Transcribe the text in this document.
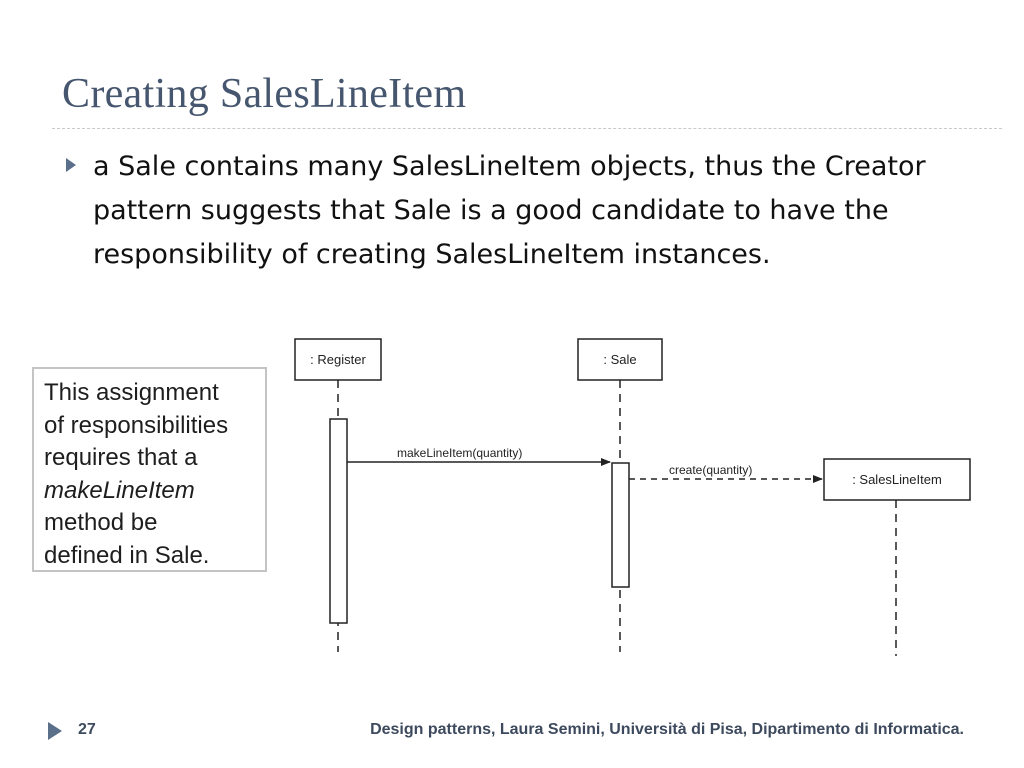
Creating SalesLineItem

a Sale contains many SalesLineItem objects, thus the Creator pattern suggests that Sale is a good candidate to have the responsibility of creating SalesLineItem instances.

This assignment
of responsibilities
requires that a
makeLineItem
method be
defined in Sale.
: Register	: Sale
: SalesLineItem
makeLineItem(quantity)
create(quantity)
27	Design patterns, Laura Semini, Università di Pisa, Dipartimento di Informatica.
